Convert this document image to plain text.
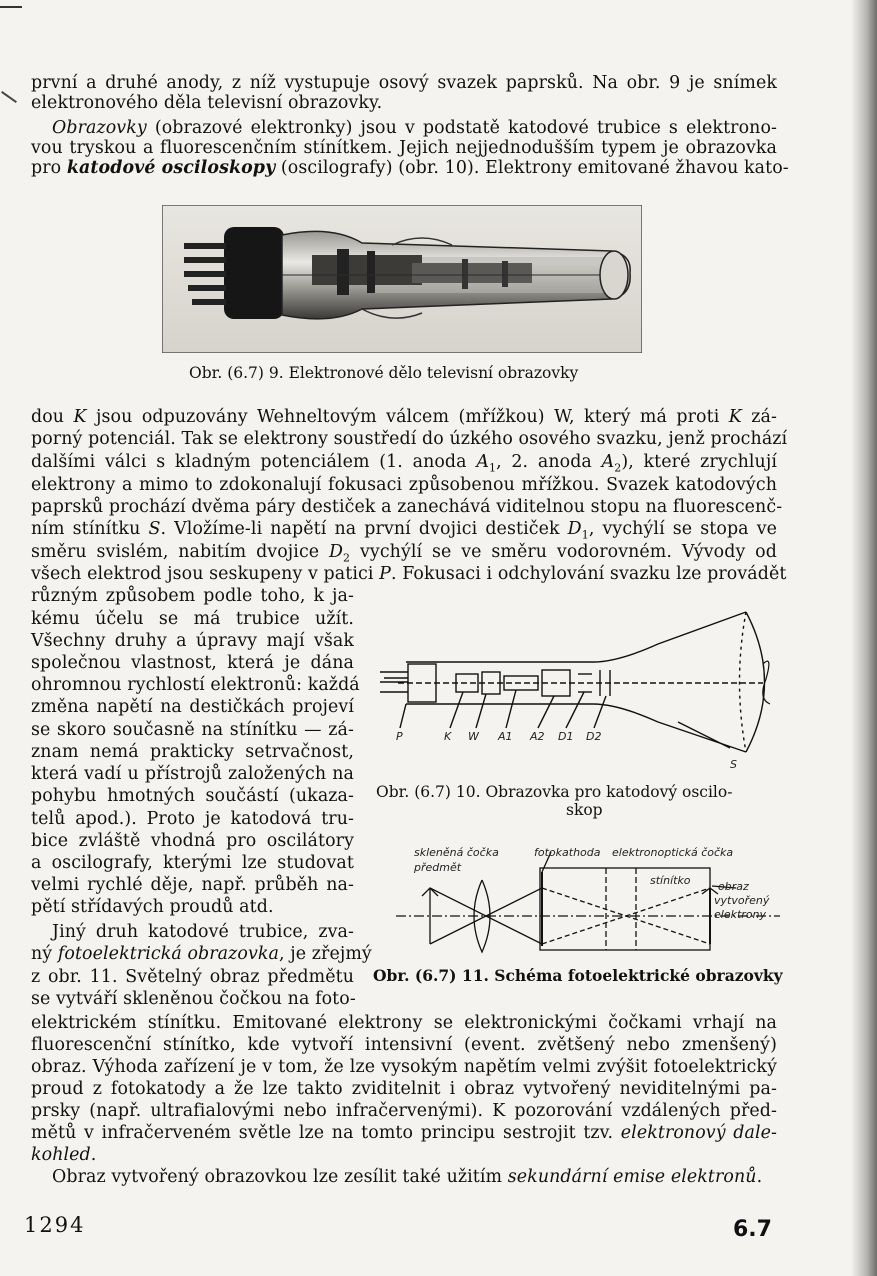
první a druhé anody, z níž vystupuje osový svazek paprsků. Na obr. 9 je snímek
elektronového děla televisní obrazovky.
Obrazovky (obrazové elektronky) jsou v podstatě katodové trubice s elektrono-
vou tryskou a fluorescenčním stínítkem. Jejich nejjednodušším typem je obrazovka
pro katodové osciloskopy (oscilografy) (obr. 10). Elektrony emitované žhavou kato-
Obr. (6.7) 9. Elektronové dělo televisní obrazovky
dou K jsou odpuzovány Wehneltovým válcem (mřížkou) W, který má proti K zá-
porný potenciál. Tak se elektrony soustředí do úzkého osového svazku, jenž prochází
dalšími válci s kladným potenciálem (1. anoda $A_1$, 2. anoda $A_2$), které zrychlují
elektrony a mimo to zdokonalují fokusaci způsobenou mřížkou. Svazek katodových
paprsků prochází dvěma páry destiček a zanechává viditelnou stopu na fluorescenč-
ním stínítku S. Vložíme-li napětí na první dvojici destiček $D_1$, vychýlí se stopa ve
směru svislém, nabitím dvojice $D_2$ vychýlí se ve směru vodorovném. Vývody od
všech elektrod jsou seskupeny v patici P. Fokusaci i odchylování svazku lze provádět
P	K W A1 A2 D1 D2
S
Obr. (6.7) 10. Obrazovka pro katodový oscilo-
skop
skleněná čočka
předmět
fotokathoda elektronoptická čočka
stínítko obraz
vytvořený
elektrony
Obr. (6.7) 11. Schéma fotoelektrické obrazovky
elektrickém stínítku. Emitované elektrony se elektronickými čočkami vrhají na
fluorescenční stínítko, kde vytvoří intensivní (event. zvětšený nebo zmenšený)
obraz. Výhoda zařízení je v tom, že lze vysokým napětím velmi zvýšit fotoelektrický
proud z fotokatody a že lze takto zviditelnit i obraz vytvořený neviditelnými pa-
prsky (např. ultrafialovými nebo infračervenými). K pozorování vzdálených před-
mětů v infračerveném světle lze na tomto principu sestrojit tzv. elektronový dale-
kohled.
Obraz vytvořený obrazovkou lze zesílit také užitím sekundární emise elektronů.
1294	6.7
různým způsobem podle toho, k ja-
kému účelu se má trubice užít.
Všechny druhy a úpravy mají však
společnou vlastnost, která je dána
ohromnou rychlostí elektronů: každá
změna napětí na destičkách projeví
se skoro současně na stínítku — zá-
znam nemá prakticky setrvačnost,
která vadí u přístrojů založených na
pohybu hmotných součástí (ukaza-
telů apod.). Proto je katodová tru-
bice zvláště vhodná pro oscilátory
a oscilografy, kterými lze studovat
velmi rychlé děje, např. průběh na-
pětí střídavých proudů atd.
Jiný druh katodové trubice, zva-
ný fotoelektrická obrazovka, je zřejmý
z obr. 11. Světelný obraz předmětu
se vytváří skleněnou čočkou na foto-
